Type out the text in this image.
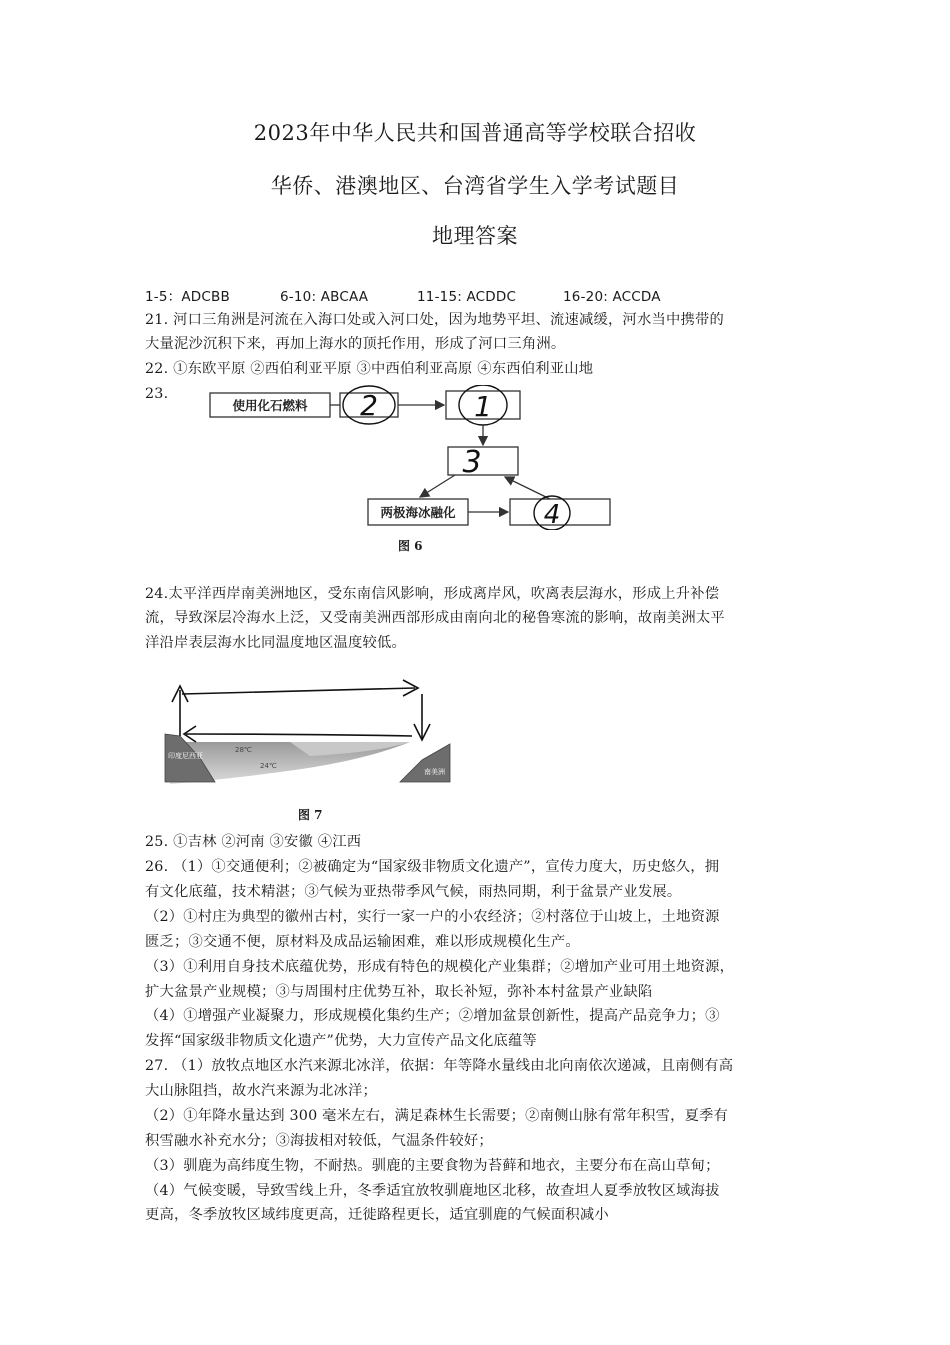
2023年中华人民共和国普通高等学校联合招收
华侨、港澳地区、台湾省学生入学考试题目
地理答案
1-5：ADCBB	6-10: ABCAA	11-15: ACDDC	16-20: ACCDA
21. 河口三角洲是河流在入海口处或入河口处，因为地势平坦、流速减缓，河水当中携带的
大量泥沙沉积下来，再加上海水的顶托作用，形成了河口三角洲。
22. ①东欧平原 ②西伯利亚平原 ③中西伯利亚高原 ④东西伯利亚山地
23.
使用化石燃料 2	1
3
两极海冰融化	4
图 6
24.太平洋西岸南美洲地区，受东南信风影响，形成离岸风，吹离表层海水，形成上升补偿
流，导致深层冷海水上泛，又受南美洲西部形成由南向北的秘鲁寒流的影响，故南美洲太平
洋沿岸表层海水比同温度地区温度较低。
印度尼西亚
南美洲
28℃
24℃
图 7
25. ①吉林 ②河南 ③安徽 ④江西
26. （1）①交通便利；②被确定为“国家级非物质文化遗产”，宣传力度大，历史悠久，拥
有文化底蕴，技术精湛；③气候为亚热带季风气候，雨热同期，利于盆景产业发展。
（2）①村庄为典型的徽州古村，实行一家一户的小农经济；②村落位于山坡上，土地资源
匮乏；③交通不便，原材料及成品运输困难，难以形成规模化生产。
（3）①利用自身技术底蕴优势，形成有特色的规模化产业集群；②增加产业可用土地资源，
扩大盆景产业规模；③与周围村庄优势互补，取长补短，弥补本村盆景产业缺陷
（4）①增强产业凝聚力，形成规模化集约生产；②增加盆景创新性，提高产品竞争力；③
发挥“国家级非物质文化遗产”优势，大力宣传产品文化底蕴等
27. （1）放牧点地区水汽来源北冰洋，依据：年等降水量线由北向南依次递减，且南侧有高
大山脉阻挡，故水汽来源为北冰洋；
（2）①年降水量达到 300 毫米左右，满足森林生长需要；②南侧山脉有常年积雪，夏季有
积雪融水补充水分；③海拔相对较低，气温条件较好；
（3）驯鹿为高纬度生物，不耐热。驯鹿的主要食物为苔藓和地衣，主要分布在高山草甸；
（4）气候变暖，导致雪线上升，冬季适宜放牧驯鹿地区北移，故查坦人夏季放牧区域海拔
更高，冬季放牧区域纬度更高，迁徙路程更长，适宜驯鹿的气候面积减小
